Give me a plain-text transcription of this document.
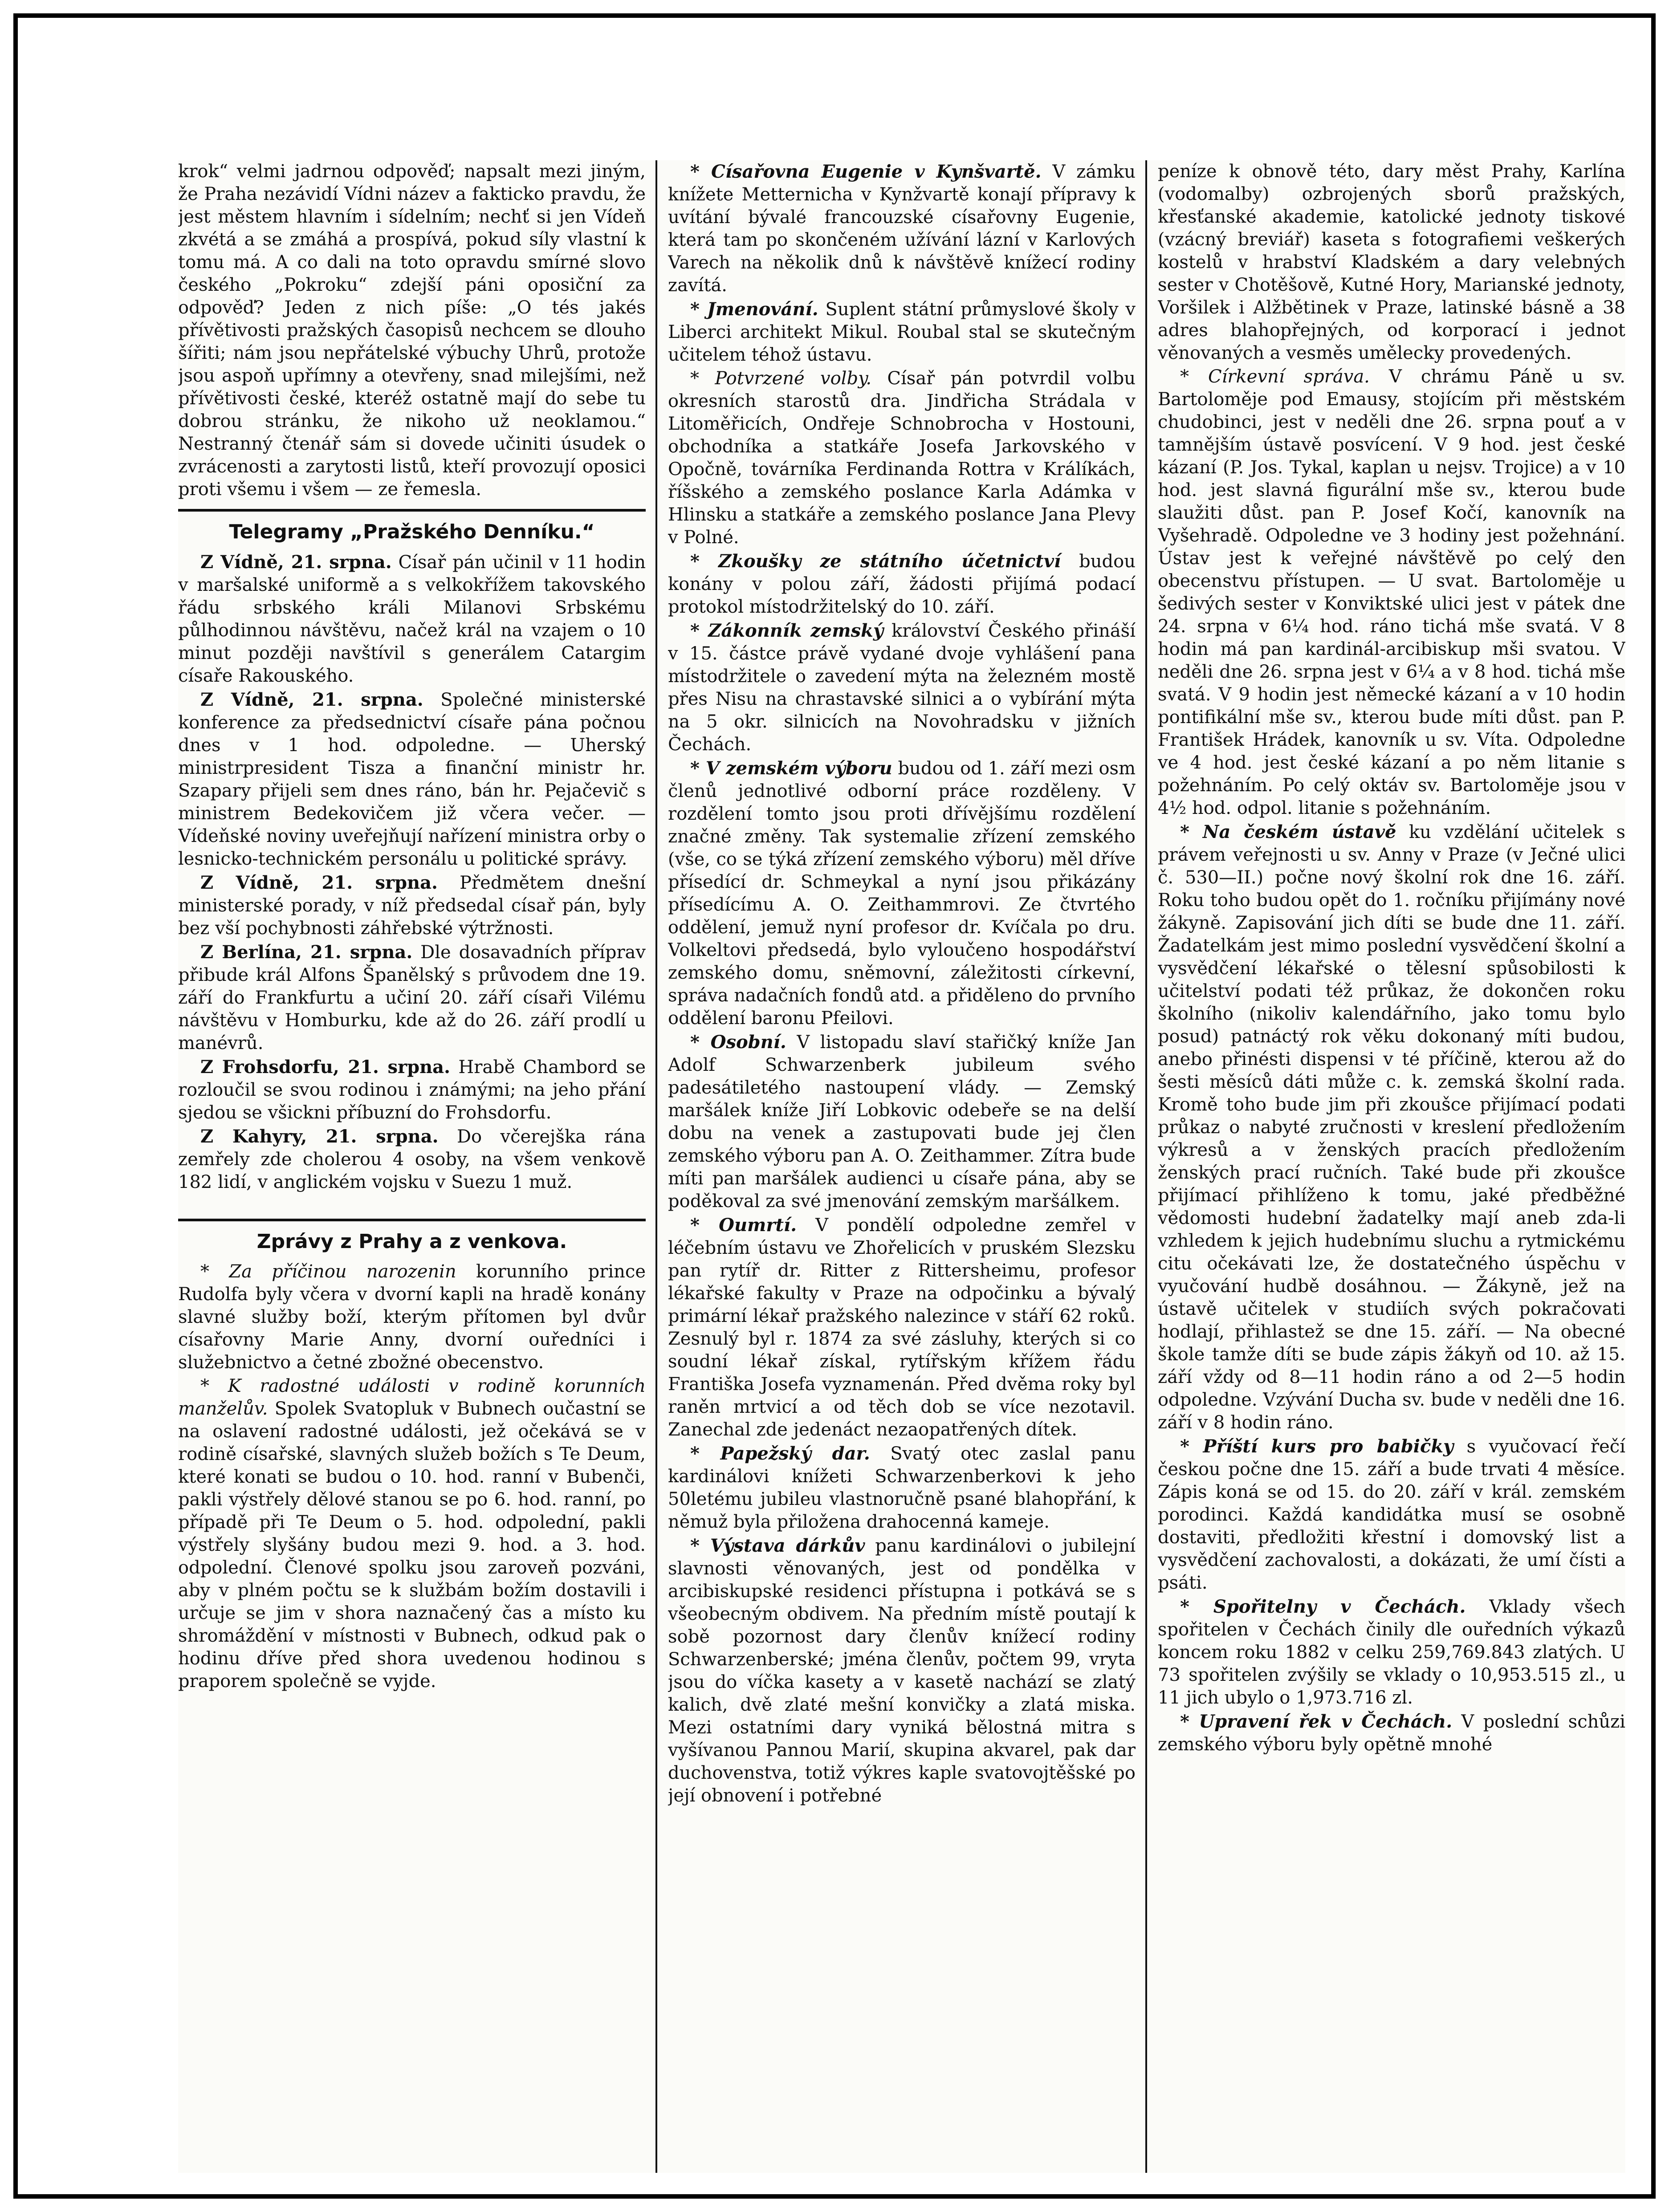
krok“ velmi jadrnou odpověď; napsalt mezi jiným, že Praha nezávidí Vídni název a fakticko pravdu, že jest městem hlavním i sídelním; nechť si jen Vídeň zkvétá a se zmáhá a prospívá, pokud síly vlastní k tomu má. A co dali na toto opravdu smírné slovo českého „Pokroku“ zdejší páni oposiční za odpověď? Jeden z nich píše: „O tés jakés přívětivosti pražských časopisů nechcem se dlouho šířiti; nám jsou nepřátelské výbuchy Uhrů, protože jsou aspoň upřímny a otevřeny, snad milejšími, než přívětivosti české, kteréž ostatně mají do sebe tu dobrou stránku, že nikoho už neoklamou.“ Nestranný čtenář sám si dovede učiniti úsudek o zvrácenosti a zarytosti listů, kteří provozují oposici proti všemu i všem — ze řemesla.

Telegramy „Pražského Denníku.“

Z Vídně, 21. srpna. Císař pán učinil v 11 hodin v maršalské uniformě a s velkokřížem takovského řádu srbského králi Milanovi Srbskému půlhodinnou návštěvu, načež král na vzajem o 10 minut později navštívil s generálem Catargim císaře Rakouského.

Z Vídně, 21. srpna. Společné ministerské konference za předsednictví císaře pána počnou dnes v 1 hod. odpoledne. — Uherský ministrpresident Tisza a finanční ministr hr. Szapary přijeli sem dnes ráno, bán hr. Pejačevič s ministrem Bedekovičem již včera večer. — Vídeňské noviny uveřejňují nařízení ministra orby o lesnicko-technickém personálu u politické správy.

Z Vídně, 21. srpna. Předmětem dnešní ministerské porady, v níž předsedal císař pán, byly bez vší pochybnosti záhřebské výtržnosti.

Z Berlína, 21. srpna. Dle dosavadních příprav přibude král Alfons Španělský s průvodem dne 19. září do Frankfurtu a učiní 20. září císaři Vilému návštěvu v Homburku, kde až do 26. září prodlí u manévrů.

Z Frohsdorfu, 21. srpna. Hrabě Chambord se rozloučil se svou rodinou i známými; na jeho přání sjedou se všickni příbuzní do Frohsdorfu.

Z Kahyry, 21. srpna. Do včerejška rána zemřely zde cholerou 4 osoby, na všem venkově 182 lidí, v anglickém vojsku v Suezu 1 muž.

Zprávy z Prahy a z venkova.

* Za příčinou narozenin korunního prince Rudolfa byly včera v dvorní kapli na hradě konány slavné služby boží, kterým přítomen byl dvůr císařovny Marie Anny, dvorní ouředníci i služebnictvo a četné zbožné obecenstvo.

* K radostné události v rodině korunních manželův. Spolek Svatopluk v Bubnech oučastní se na oslavení radostné události, jež očekává se v rodině císařské, slavných služeb božích s Te Deum, které konati se budou o 10. hod. ranní v Bubenči, pakli výstřely dělové stanou se po 6. hod. ranní, po případě při Te Deum o 5. hod. odpolední, pakli výstřely slyšány budou mezi 9. hod. a 3. hod. odpolední. Členové spolku jsou zaroveň pozváni, aby v plném počtu se k službám božím dostavili i určuje se jim v shora naznačený čas a místo ku shromáždění v místnosti v Bubnech, odkud pak o hodinu dříve před shora uvedenou hodinou s praporem společně se vyjde.

* Císařovna Eugenie v Kynšvartě. V zámku knížete Metternicha v Kynžvartě konají přípravy k uvítání bývalé francouzské císařovny Eugenie, která tam po skončeném užívání lázní v Karlových Varech na několik dnů k návštěvě knížecí rodiny zavítá.

* Jmenování. Suplent státní průmyslové školy v Liberci architekt Mikul. Roubal stal se skutečným učitelem téhož ústavu.

* Potvrzené volby. Císař pán potvrdil volbu okresních starostů dra. Jindřicha Strádala v Litoměřicích, Ondřeje Schnobrocha v Hostouni, obchodníka a statkáře Josefa Jarkovského v Opočně, továrníka Ferdinanda Rottra v Králíkách, říšského a zemského poslance Karla Adámka v Hlinsku a statkáře a zemského poslance Jana Plevy v Polné.

* Zkoušky ze státního účetnictví budou konány v polou září, žádosti přijímá podací protokol místodržitelský do 10. září.

* Zákonník zemský království Českého přináší v 15. částce právě vydané dvoje vyhlášení pana místodržitele o zavedení mýta na železném mostě přes Nisu na chrastavské silnici a o vybírání mýta na 5 okr. silnicích na Novohradsku v jižních Čechách.

* V zemském výboru budou od 1. září mezi osm členů jednotlivé odborní práce rozděleny. V rozdělení tomto jsou proti dřívějšímu rozdělení značné změny. Tak systemalie zřízení zemského (vše, co se týká zřízení zemského výboru) měl dříve přísedící dr. Schmeykal a nyní jsou přikázány přísedícímu A. O. Zeithammrovi. Ze čtvrtého oddělení, jemuž nyní profesor dr. Kvíčala po dru. Volkeltovi předsedá, bylo vyloučeno hospodářství zemského domu, sněmovní, záležitosti církevní, správa nadačních fondů atd. a přiděleno do prvního oddělení baronu Pfeilovi.

* Osobní. V listopadu slaví stařičký kníže Jan Adolf Schwarzenberk jubileum svého padesátiletého nastoupení vlády. — Zemský maršálek kníže Jiří Lobkovic odebeře se na delší dobu na venek a zastupovati bude jej člen zemského výboru pan A. O. Zeithammer. Zítra bude míti pan maršálek audienci u císaře pána, aby se poděkoval za své jmenování zemským maršálkem.

* Oumrtí. V pondělí odpoledne zemřel v léčebním ústavu ve Zhořelicích v pruském Slezsku pan rytíř dr. Ritter z Rittersheimu, profesor lékařské fakulty v Praze na odpočinku a bývalý primární lékař pražského nalezince v stáří 62 roků. Zesnulý byl r. 1874 za své zásluhy, kterých si co soudní lékař získal, rytířským křížem řádu Františka Josefa vyznamenán. Před dvěma roky byl raněn mrtvicí a od těch dob se více nezotavil. Zanechal zde jedenáct nezaopatřených dítek.

* Papežský dar. Svatý otec zaslal panu kardinálovi knížeti Schwarzenberkovi k jeho 50letému jubileu vlastnoručně psané blahopřání, k němuž byla přiložena drahocenná kameje.

* Výstava dárkův panu kardinálovi o jubilejní slavnosti věnovaných, jest od pondělka v arcibiskupské residenci přístupna i potkává se s všeobecným obdivem. Na předním místě poutají k sobě pozornost dary členův knížecí rodiny Schwarzenberské; jména členův, počtem 99, vryta jsou do víčka kasety a v kasetě nachází se zlatý kalich, dvě zlaté mešní konvičky a zlatá miska. Mezi ostatními dary vyniká bělostná mitra s vyšívanou Pannou Marií, skupina akvarel, pak dar duchovenstva, totiž výkres kaple svatovojtěšské po její obnovení i potřebné

peníze k obnově této, dary měst Prahy, Karlína (vodomalby) ozbrojených sborů pražských, křesťanské akademie, katolické jednoty tiskové (vzácný breviář) kaseta s fotografiemi veškerých kostelů v hrabství Kladském a dary velebných sester v Chotěšově, Kutné Hory, Marianské jednoty, Voršilek i Alžbětinek v Praze, latinské básně a 38 adres blahopřejných, od korporací i jednot věnovaných a vesměs umělecky provedených.

* Církevní správa. V chrámu Páně u sv. Bartoloměje pod Emausy, stojícím při městském chudobinci, jest v neděli dne 26. srpna pouť a v tamnějším ústavě posvícení. V 9 hod. jest české kázaní (P. Jos. Tykal, kaplan u nejsv. Trojice) a v 10 hod. jest slavná figurální mše sv., kterou bude slaužiti důst. pan P. Josef Kočí, kanovník na Vyšehradě. Odpoledne ve 3 hodiny jest požehnání. Ústav jest k veřejné návštěvě po celý den obecenstvu přístupen. — U svat. Bartoloměje u šedivých sester v Konviktské ulici jest v pátek dne 24. srpna v 6¼ hod. ráno tichá mše svatá. V 8 hodin má pan kardinál-arcibiskup mši svatou. V neděli dne 26. srpna jest v 6¼ a v 8 hod. tichá mše svatá. V 9 hodin jest německé kázaní a v 10 hodin pontifikální mše sv., kterou bude míti důst. pan P. František Hrádek, kanovník u sv. Víta. Odpoledne ve 4 hod. jest české kázaní a po něm litanie s požehnáním. Po celý oktáv sv. Bartoloměje jsou v 4½ hod. odpol. litanie s požehnáním.

* Na českém ústavě ku vzdělání učitelek s právem veřejnosti u sv. Anny v Praze (v Ječné ulici č. 530—II.) počne nový školní rok dne 16. září. Roku toho budou opět do 1. ročníku přijímány nové žákyně. Zapisování jich díti se bude dne 11. září. Žadatelkám jest mimo poslední vysvědčení školní a vysvědčení lékařské o tělesní spůsobilosti k učitelství podati též průkaz, že dokončen roku školního (nikoliv kalendářního, jako tomu bylo posud) patnáctý rok věku dokonaný míti budou, anebo přinésti dispensi v té příčině, kterou až do šesti měsíců dáti může c. k. zemská školní rada. Kromě toho bude jim při zkoušce přijímací podati průkaz o nabyté zručnosti v kreslení předložením výkresů a v ženských pracích předložením ženských prací ručních. Také bude při zkoušce přijímací přihlíženo k tomu, jaké předběžné vědomosti hudební žadatelky mají aneb zda-li vzhledem k jejich hudebnímu sluchu a rytmickému citu očekávati lze, že dostatečného úspěchu v vyučování hudbě dosáhnou. — Žákyně, jež na ústavě učitelek v studiích svých pokračovati hodlají, přihlastež se dne 15. září. — Na obecné škole tamže díti se bude zápis žákyň od 10. až 15. září vždy od 8—11 hodin ráno a od 2—5 hodin odpoledne. Vzývání Ducha sv. bude v neděli dne 16. září v 8 hodin ráno.

* Příští kurs pro babičky s vyučovací řečí českou počne dne 15. září a bude trvati 4 měsíce. Zápis koná se od 15. do 20. září v král. zemském porodinci. Každá kandidátka musí se osobně dostaviti, předložiti křestní i domovský list a vysvědčení zachovalosti, a dokázati, že umí čísti a psáti.

* Spořitelny v Čechách. Vklady všech spořitelen v Čechách činily dle ouředních výkazů koncem roku 1882 v celku 259,769.843 zlatých. U 73 spořitelen zvýšily se vklady o 10,953.515 zl., u 11 jich ubylo o 1,973.716 zl.

* Upravení řek v Čechách. V poslední schůzi zemského výboru byly opětně mnohé
